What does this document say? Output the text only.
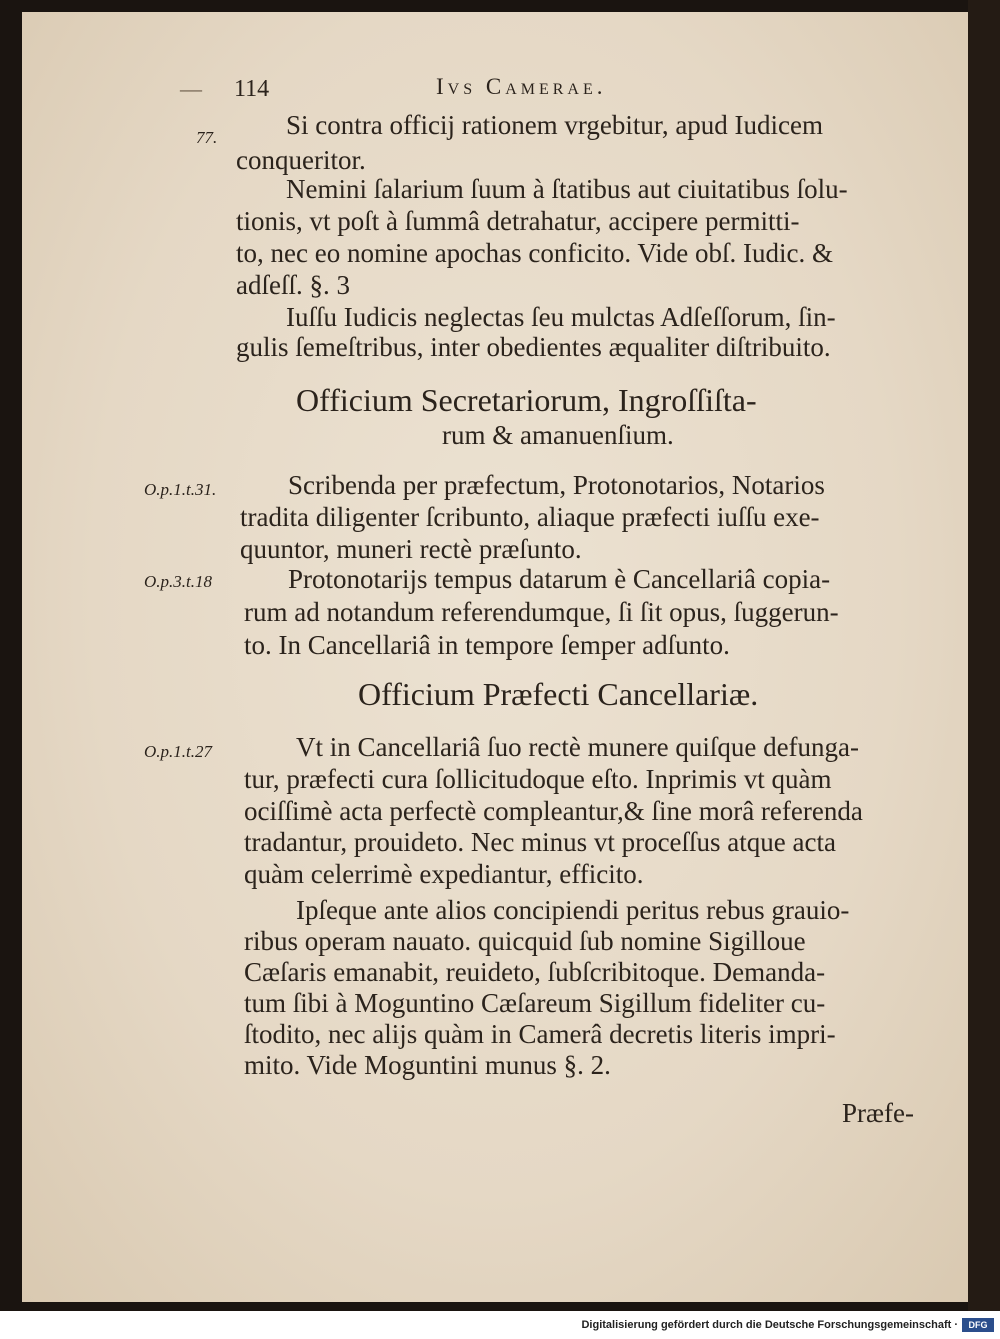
— 114	Ivs Camerae.
77.	Si contra officij rationem vrgebitur, apud Iudicem
conqueritor.
Nemini ſalarium ſuum à ſtatibus aut ciuitatibus ſolu-
tionis, vt poſt à ſummâ detrahatur, accipere permitti-
to, nec eo nomine apochas conficito. Vide obſ. Iudic. &
adſeſſ. §. 3
Iuſſu Iudicis neglectas ſeu mulctas Adſeſſorum, ſin-
gulis ſemeſtribus, inter obedientes æqualiter diſtribuito.
Officium Secretariorum, Ingroſſiſta-
rum & amanuenſium.
O.p.1.t.31.	Scribenda per præfectum, Protonotarios, Notarios
tradita diligenter ſcribunto, aliaque præfecti iuſſu exe-
quuntor, muneri rectè præſunto.
O.p.3.t.18	Protonotarijs tempus datarum è Cancellariâ copia-
rum ad notandum referendumque, ſi ſit opus, ſuggerun-
to. In Cancellariâ in tempore ſemper adſunto.
Officium Præfecti Cancellariæ.
O.p.1.t.27	Vt in Cancellariâ ſuo rectè munere quiſque defunga-
tur, præfecti cura ſollicitudoque eſto. Inprimis vt quàm
ociſſimè acta perfectè compleantur,& ſine morâ referenda
tradantur, prouideto. Nec minus vt proceſſus atque acta
quàm celerrimè expediantur, efficito.
Ipſeque ante alios concipiendi peritus rebus grauio-
ribus operam nauato. quicquid ſub nomine Sigilloue
Cæſaris emanabit, reuideto, ſubſcribitoque. Demanda-
tum ſibi à Moguntino Cæſareum Sigillum fideliter cu-
ſtodito, nec alijs quàm in Camerâ decretis literis impri-
mito. Vide Moguntini munus §. 2.
Præfe-
Digitalisierung gefördert durch die Deutsche Forschungsgemeinschaft ·	DFG
